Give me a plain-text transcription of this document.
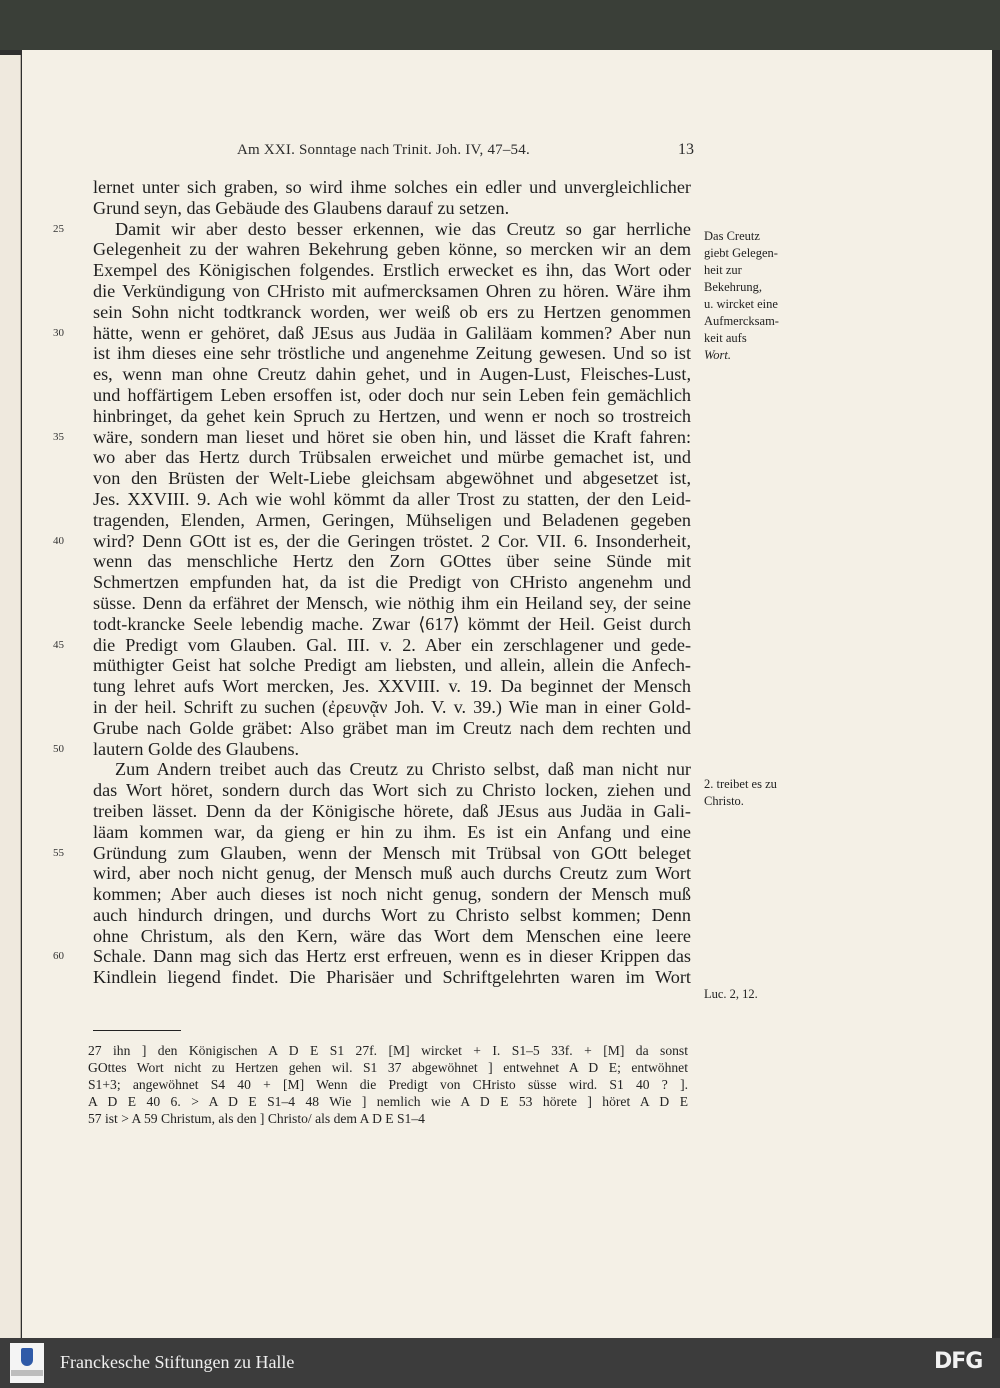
Am XXI. Sonntage nach Trinit. Joh. IV, 47–54.	13
lernet unter sich graben, so wird ihme solches ein edler und unvergleichlicher
Grund seyn, das Gebäude des Glaubens darauf zu setzen.
25	Damit wir aber desto besser erkennen, wie das Creutz so gar herrliche
Gelegenheit zu der wahren Bekehrung geben könne, so mercken wir an dem
Exempel des Königischen folgendes. Erstlich erwecket es ihn, das Wort oder
die Verkündigung von CHristo mit aufmercksamen Ohren zu hören. Wäre ihm
sein Sohn nicht todtkranck worden, wer weiß ob ers zu Hertzen genommen
30	hätte, wenn er gehöret, daß JEsus aus Judäa in Galiläam kommen? Aber nun
ist ihm dieses eine sehr tröstliche und angenehme Zeitung gewesen. Und so ist
es, wenn man ohne Creutz dahin gehet, und in Augen-Lust, Fleisches-Lust,
und hoffärtigem Leben ersoffen ist, oder doch nur sein Leben fein gemächlich
hinbringet, da gehet kein Spruch zu Hertzen, und wenn er noch so trostreich
35	wäre, sondern man lieset und höret sie oben hin, und lässet die Kraft fahren:
wo aber das Hertz durch Trübsalen erweichet und mürbe gemachet ist, und
von den Brüsten der Welt-Liebe gleichsam abgewöhnet und abgesetzet ist,
Jes. XXVIII. 9. Ach wie wohl kömmt da aller Trost zu statten, der den Leid-
tragenden, Elenden, Armen, Geringen, Mühseligen und Beladenen gegeben
40	wird? Denn GOtt ist es, der die Geringen tröstet. 2 Cor. VII. 6. Insonderheit,
wenn das menschliche Hertz den Zorn GOttes über seine Sünde mit
Schmertzen empfunden hat, da ist die Predigt von CHristo angenehm und
süsse. Denn da erfähret der Mensch, wie nöthig ihm ein Heiland sey, der seine
todt-krancke Seele lebendig mache. Zwar ⟨617⟩ kömmt der Heil. Geist durch
45	die Predigt vom Glauben. Gal. III. v. 2. Aber ein zerschlagener und gede-
müthigter Geist hat solche Predigt am liebsten, und allein, allein die Anfech-
tung lehret aufs Wort mercken, Jes. XXVIII. v. 19. Da beginnet der Mensch
in der heil. Schrift zu suchen (ἐρευνᾷν Joh. V. v. 39.) Wie man in einer Gold-
Grube nach Golde gräbet: Also gräbet man im Creutz nach dem rechten und
50	lautern Golde des Glaubens.
Zum Andern treibet auch das Creutz zu Christo selbst, daß man nicht nur
das Wort höret, sondern durch das Wort sich zu Christo locken, ziehen und
treiben lässet. Denn da der Königische hörete, daß JEsus aus Judäa in Gali-
läam kommen war, da gieng er hin zu ihm. Es ist ein Anfang und eine
55	Gründung zum Glauben, wenn der Mensch mit Trübsal von GOtt beleget
wird, aber noch nicht genug, der Mensch muß auch durchs Creutz zum Wort
kommen; Aber auch dieses ist noch nicht genug, sondern der Mensch muß
auch hindurch dringen, und durchs Wort zu Christo selbst kommen; Denn
ohne Christum, als den Kern, wäre das Wort dem Menschen eine leere
60	Schale. Dann mag sich das Hertz erst erfreuen, wenn es in dieser Krippen das
Kindlein liegend findet. Die Pharisäer und Schriftgelehrten waren im Wort
Das Creutz
giebt Gelegen-
heit zur
Bekehrung,
u. wircket eine
Aufmercksam-
keit aufs
Wort.
2. treibet es zu
Christo.
Luc. 2, 12.
27 ihn ] den Königischen A D E S1 27f. [M] wircket + I. S1–5 33f. + [M] da sonst
GOttes Wort nicht zu Hertzen gehen wil. S1 37 abgewöhnet ] entwehnet A D E; entwöhnet
S1+3; angewöhnet S4 40 + [M] Wenn die Predigt von CHristo süsse wird. S1 40 ? ].
A D E 40 6. > A D E S1–4 48 Wie ] nemlich wie A D E 53 hörete ] höret A D E
57 ist > A 59 Christum, als den ] Christo/ als dem A D E S1–4
Franckesche Stiftungen zu Halle	DFG
